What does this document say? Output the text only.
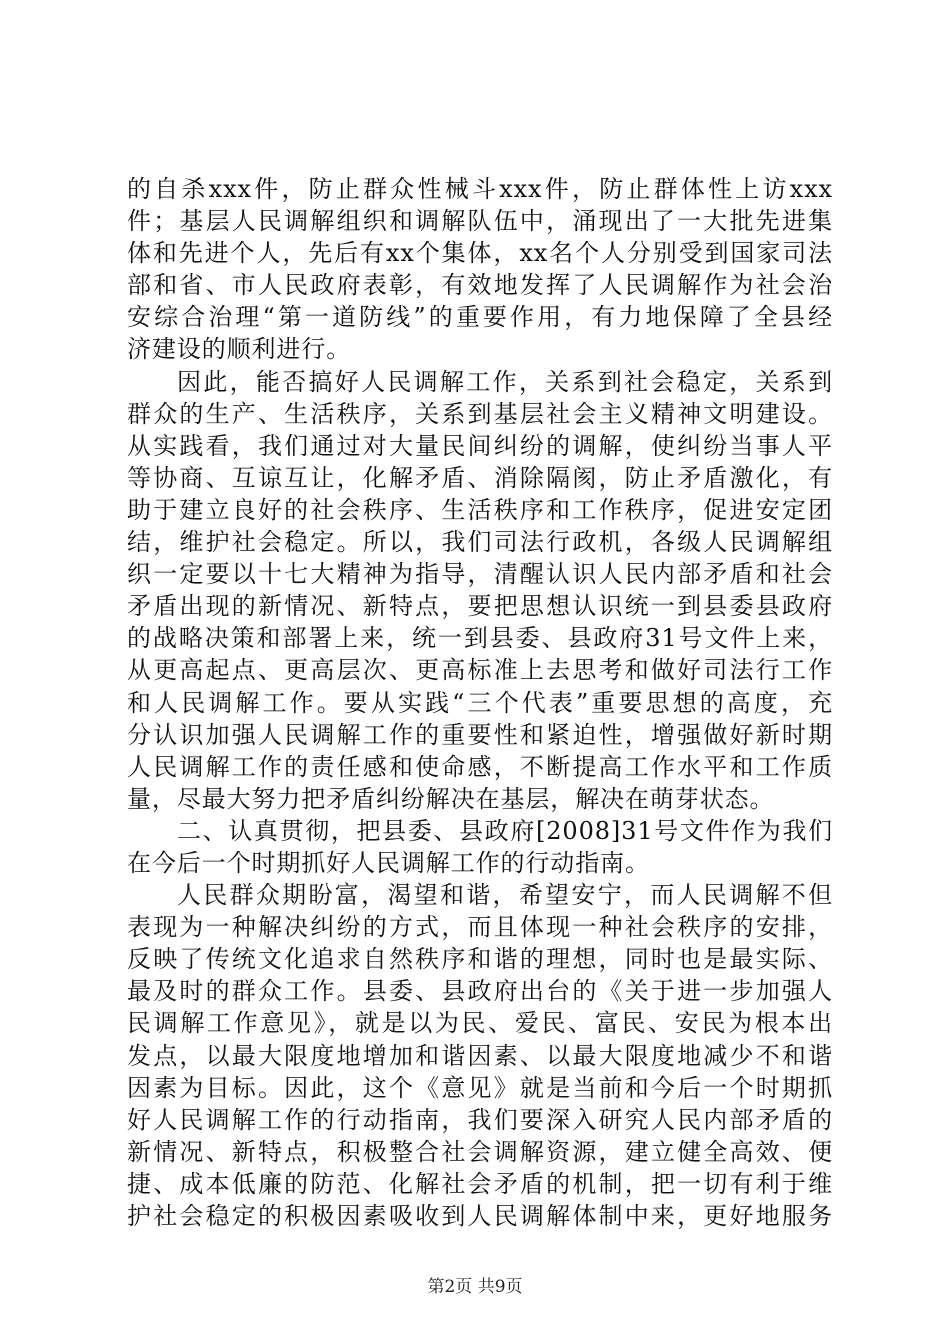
的自杀xxx件，防止群众性械斗xxx件，防止群体性上访xxx
件；基层人民调解组织和调解队伍中，涌现出了一大批先进集
体和先进个人，先后有xx个集体，xx名个人分别受到国家司法
部和省、市人民政府表彰，有效地发挥了人民调解作为社会治
安综合治理“第一道防线”的重要作用，有力地保障了全县经
济建设的顺利进行。
因此，能否搞好人民调解工作，关系到社会稳定，关系到
群众的生产、生活秩序，关系到基层社会主义精神文明建设。
从实践看，我们通过对大量民间纠纷的调解，使纠纷当事人平
等协商、互谅互让，化解矛盾、消除隔阂，防止矛盾激化，有
助于建立良好的社会秩序、生活秩序和工作秩序，促进安定团
结，维护社会稳定。所以，我们司法行政机，各级人民调解组
织一定要以十七大精神为指导，清醒认识人民内部矛盾和社会
矛盾出现的新情况、新特点，要把思想认识统一到县委县政府
的战略决策和部署上来，统一到县委、县政府31号文件上来，
从更高起点、更高层次、更高标准上去思考和做好司法行工作
和人民调解工作。要从实践“三个代表”重要思想的高度，充
分认识加强人民调解工作的重要性和紧迫性，增强做好新时期
人民调解工作的责任感和使命感，不断提高工作水平和工作质
量，尽最大努力把矛盾纠纷解决在基层，解决在萌芽状态。
二、认真贯彻，把县委、县政府[2008]31号文件作为我们
在今后一个时期抓好人民调解工作的行动指南。
人民群众期盼富，渴望和谐，希望安宁，而人民调解不但
表现为一种解决纠纷的方式，而且体现一种社会秩序的安排，
反映了传统文化追求自然秩序和谐的理想，同时也是最实际、
最及时的群众工作。县委、县政府出台的《关于进一步加强人
民调解工作意见》，就是以为民、爱民、富民、安民为根本出
发点，以最大限度地增加和谐因素、以最大限度地减少不和谐
因素为目标。因此，这个《意见》就是当前和今后一个时期抓
好人民调解工作的行动指南，我们要深入研究人民内部矛盾的
新情况、新特点，积极整合社会调解资源，建立健全高效、便
捷、成本低廉的防范、化解社会矛盾的机制，把一切有利于维
护社会稳定的积极因素吸收到人民调解体制中来，更好地服务
第2页 共9页
